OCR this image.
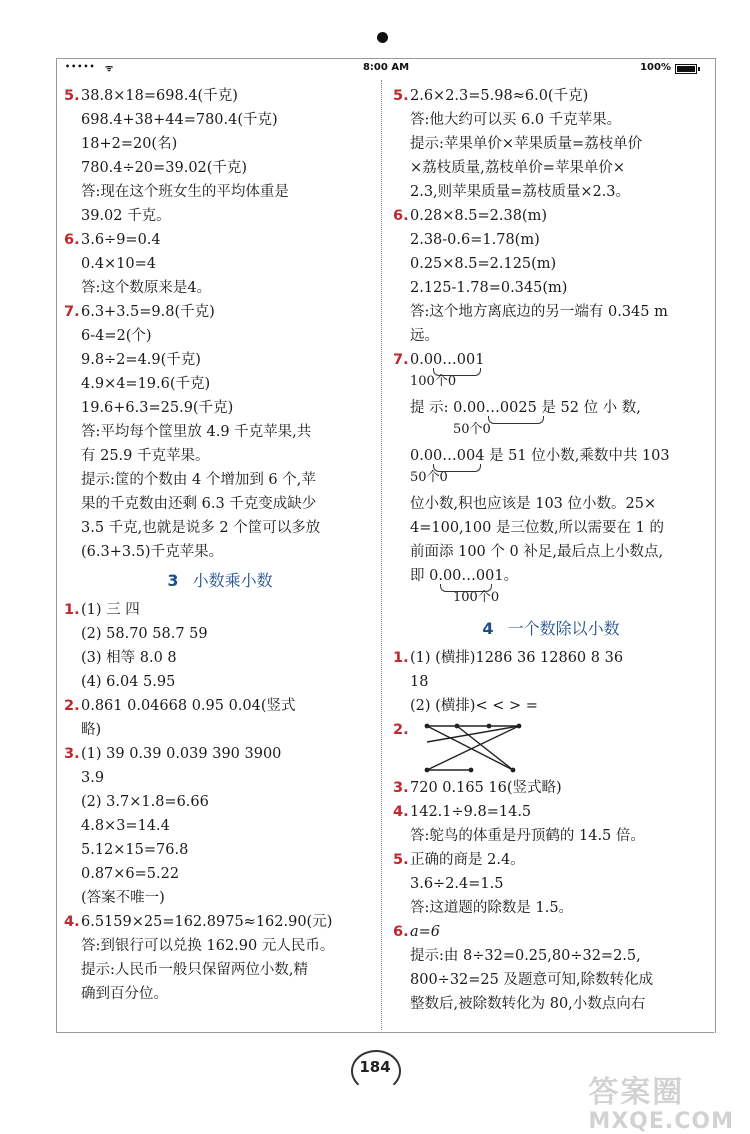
••••• ᯤ	8:00 AM	100%
5.38.8×18=698.4(千克)
698.4+38+44=780.4(千克)
18+2=20(名)
780.4÷20=39.02(千克)
答:现在这个班女生的平均体重是
39.02 千克。
6.3.6÷9=0.4
0.4×10=4
答:这个数原来是4。
7.6.3+3.5=9.8(千克)
6-4=2(个)
9.8÷2=4.9(千克)
4.9×4=19.6(千克)
19.6+6.3=25.9(千克)
答:平均每个筐里放 4.9 千克苹果,共
有 25.9 千克苹果。
提示:筐的个数由 4 个增加到 6 个,苹
果的千克数由还剩 6.3 千克变成缺少
3.5 千克,也就是说多 2 个筐可以多放
(6.3+3.5)千克苹果。
3 小数乘小数
1.(1) 三 四
(2) 58.70 58.7 59
(3) 相等 8.0 8
(4) 6.04 5.95
2.0.861 0.04668 0.95 0.04(竖式
略)
3.(1) 39 0.39 0.039 390 3900
3.9
(2) 3.7×1.8=6.66
4.8×3=14.4
5.12×15=76.8
0.87×6=5.22
(答案不唯一)
4.6.5159×25=162.8975≈162.90(元)
答:到银行可以兑换 162.90 元人民币。
提示:人民币一般只保留两位小数,精
确到百分位。
5.2.6×2.3=5.98≈6.0(千克)
答:他大约可以买 6.0 千克苹果。
提示:苹果单价×苹果质量=荔枝单价
×荔枝质量,荔枝单价=苹果单价×
2.3,则苹果质量=荔枝质量×2.3。
6.0.28×8.5=2.38(m)
2.38-0.6=1.78(m)
0.25×8.5=2.125(m)
2.125-1.78=0.345(m)
答:这个地方离底边的另一端有 0.345 m
远。
7.0.00…001
100个0
提 示: 0.00…0025 是 52 位 小 数,
50个0
0.00…004 是 51 位小数,乘数中共 103
50个0
位小数,积也应该是 103 位小数。25×
4=100,100 是三位数,所以需要在 1 的
前面添 100 个 0 补足,最后点上小数点,
即 0.00…001。
100个0
4 一个数除以小数
1.(1) (横排)1286 36 12860 8 36
18
(2) (横排)< < > =
2.
3.720 0.165 16(竖式略)
4.142.1÷9.8=14.5
答:鸵鸟的体重是丹顶鹤的 14.5 倍。
5.正确的商是 2.4。
3.6÷2.4=1.5
答:这道题的除数是 1.5。
6.a=6
提示:由 8÷32=0.25,80÷32=2.5,
800÷32=25 及题意可知,除数转化成
整数后,被除数转化为 80,小数点向右
184
答案圈
MXQE.COM
